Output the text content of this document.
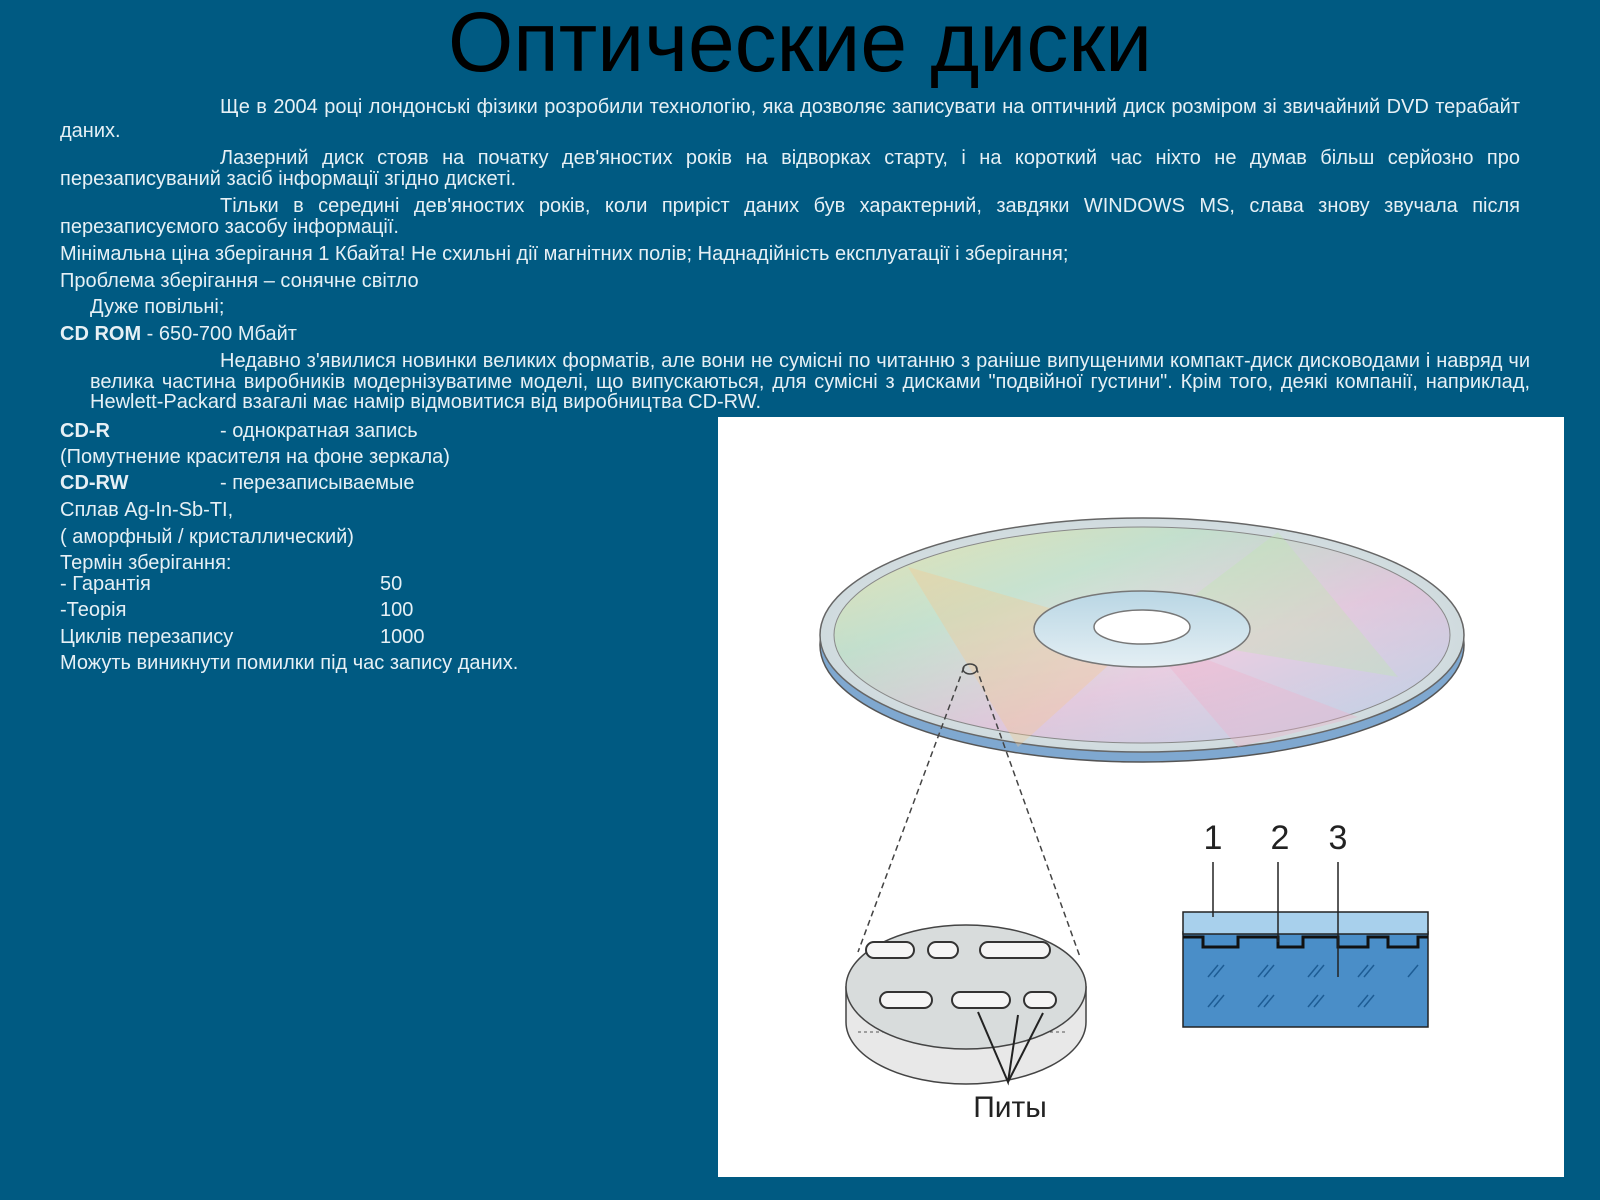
Оптические диски
Ще в 2004 році лондонські фізики розробили технологію, яка дозволяє записувати на оптичний диск розміром зі звичайний DVD терабайт даних.
Лазерний диск стояв на початку дев'яностих років на відворках старту, і на короткий час ніхто не думав більш серйозно про перезаписуваний засіб інформації згідно дискеті.
Тільки в середині дев'яностих років, коли приріст даних був характерний, завдяки WINDOWS MS, слава знову звучала після перезаписуємого засобу інформації.
Мінімальна ціна зберігання 1 Кбайта! Не схильні дії магнітних полів; Наднадійність експлуатації і зберігання;
Проблема зберігання – сонячне світло
Дуже повільні;
CD ROM - 650-700 Мбайт
Недавно з'явилися новинки великих форматів, але вони не сумісні по читанню з раніше випущеними компакт-диск дисководами і навряд чи велика частина виробників модернізуватиме моделі, що випускаються, для сумісні з дисками "подвійної густини". Крім того, деякі компанії, наприклад, Hewlett-Packard взагалі має намір відмовитися від виробництва CD-RW.
CD-R	- однократная запись
(Помутнение красителя на фоне зеркала)
CD-RW	- перезаписываемые
Сплав Ag-In-Sb-TI,
( аморфный / кристаллический)
Термін зберігання:
- Гарантія	50
-Теорія	100
Циклів перезапису	1000
Можуть виникнути помилки під час запису даних.
Питы
1 2 3
